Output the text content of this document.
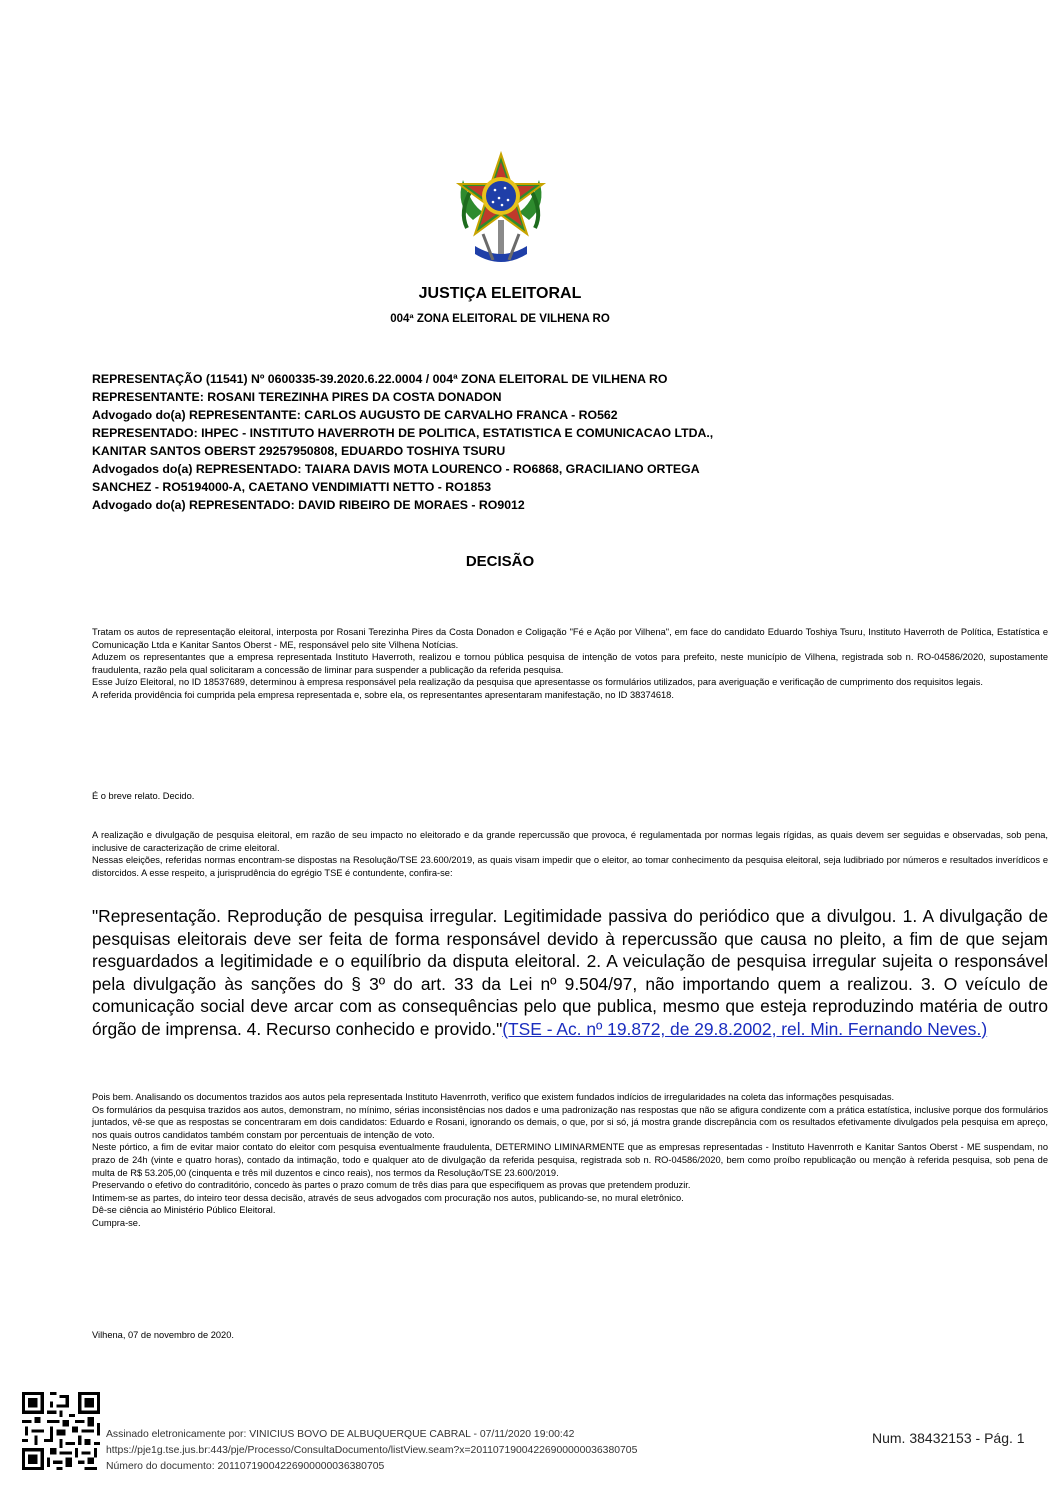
JUSTIÇA ELEITORAL
004ª ZONA ELEITORAL DE VILHENA RO
REPRESENTAÇÃO (11541) Nº 0600335-39.2020.6.22.0004 / 004ª ZONA ELEITORAL DE VILHENA RO
REPRESENTANTE: ROSANI TEREZINHA PIRES DA COSTA DONADON
Advogado do(a) REPRESENTANTE: CARLOS AUGUSTO DE CARVALHO FRANCA - RO562
REPRESENTADO: IHPEC - INSTITUTO HAVERROTH DE POLITICA, ESTATISTICA E COMUNICACAO LTDA.,
KANITAR SANTOS OBERST 29257950808, EDUARDO TOSHIYA TSURU
Advogados do(a) REPRESENTADO: TAIARA DAVIS MOTA LOURENCO - RO6868, GRACILIANO ORTEGA
SANCHEZ - RO5194000-A, CAETANO VENDIMIATTI NETTO - RO1853
Advogado do(a) REPRESENTADO: DAVID RIBEIRO DE MORAES - RO9012
DECISÃO

Tratam os autos de representação eleitoral, interposta por Rosani Terezinha Pires da Costa Donadon e Coligação "Fé e Ação por Vilhena", em face do candidato Eduardo Toshiya Tsuru, Instituto Haverroth de Política, Estatística e Comunicação Ltda e Kanitar Santos Oberst - ME, responsável pelo site Vilhena Notícias.

Aduzem os representantes que a empresa representada Instituto Haverroth, realizou e tornou pública pesquisa de intenção de votos para prefeito, neste município de Vilhena, registrada sob n. RO-04586/2020, supostamente fraudulenta, razão pela qual solicitaram a concessão de liminar para suspender a publicação da referida pesquisa.

Esse Juízo Eleitoral, no ID 18537689, determinou à empresa responsável pela realização da pesquisa que apresentasse os formulários utilizados, para averiguação e verificação de cumprimento dos requisitos legais.

A referida providência foi cumprida pela empresa representada e, sobre ela, os representantes apresentaram manifestação, no ID 38374618.

É o breve relato. Decido.

A realização e divulgação de pesquisa eleitoral, em razão de seu impacto no eleitorado e da grande repercussão que provoca, é regulamentada por normas legais rígidas, as quais devem ser seguidas e observadas, sob pena, inclusive de caracterização de crime eleitoral.

Nessas eleições, referidas normas encontram-se dispostas na Resolução/TSE 23.600/2019, as quais visam impedir que o eleitor, ao tomar conhecimento da pesquisa eleitoral, seja ludibriado por números e resultados inverídicos e distorcidos. A esse respeito, a jurisprudência do egrégio TSE é contundente, confira-se:

"Representação. Reprodução de pesquisa irregular. Legitimidade passiva do periódico que a divulgou. 1. A divulgação de pesquisas eleitorais deve ser feita de forma responsável devido à repercussão que causa no pleito, a fim de que sejam resguardados a legitimidade e o equilíbrio da disputa eleitoral. 2. A veiculação de pesquisa irregular sujeita o responsável pela divulgação às sanções do § 3º do art. 33 da Lei nº 9.504/97, não importando quem a realizou. 3. O veículo de comunicação social deve arcar com as consequências pelo que publica, mesmo que esteja reproduzindo matéria de outro órgão de imprensa. 4. Recurso conhecido e provido."(TSE - Ac. nº 19.872, de 29.8.2002, rel. Min. Fernando Neves.)

Pois bem. Analisando os documentos trazidos aos autos pela representada Instituto Havenrroth, verifico que existem fundados indícios de irregularidades na coleta das informações pesquisadas.

Os formulários da pesquisa trazidos aos autos, demonstram, no mínimo, sérias inconsistências nos dados e uma padronização nas respostas que não se afigura condizente com a prática estatística, inclusive porque dos formulários juntados, vê-se que as respostas se concentraram em dois candidatos: Eduardo e Rosani, ignorando os demais, o que, por si só, já mostra grande discrepância com os resultados efetivamente divulgados pela pesquisa em apreço, nos quais outros candidatos também constam por percentuais de intenção de voto.

Neste pórtico, a fim de evitar maior contato do eleitor com pesquisa eventualmente fraudulenta, DETERMINO LIMINARMENTE que as empresas representadas - Instituto Havenrroth e Kanitar Santos Oberst - ME suspendam, no prazo de 24h (vinte e quatro horas), contado da intimação, todo e qualquer ato de divulgação da referida pesquisa, registrada sob n. RO-04586/2020, bem como proíbo republicação ou menção à referida pesquisa, sob pena de multa de R$ 53.205,00 (cinquenta e três mil duzentos e cinco reais), nos termos da Resolução/TSE 23.600/2019.

Preservando o efetivo do contraditório, concedo às partes o prazo comum de três dias para que especifiquem as provas que pretendem produzir.

Intimem-se as partes, do inteiro teor dessa decisão, através de seus advogados com procuração nos autos, publicando-se, no mural eletrônico.

Dê-se ciência ao Ministério Público Eleitoral.

Cumpra-se.

Vilhena, 07 de novembro de 2020.
Assinado eletronicamente por: VINICIUS BOVO DE ALBUQUERQUE CABRAL - 07/11/2020 19:00:42
https://pje1g.tse.jus.br:443/pje/Processo/ConsultaDocumento/listView.seam?x=20110719004226900000036380705
Número do documento: 20110719004226900000036380705
Num. 38432153 - Pág. 1
